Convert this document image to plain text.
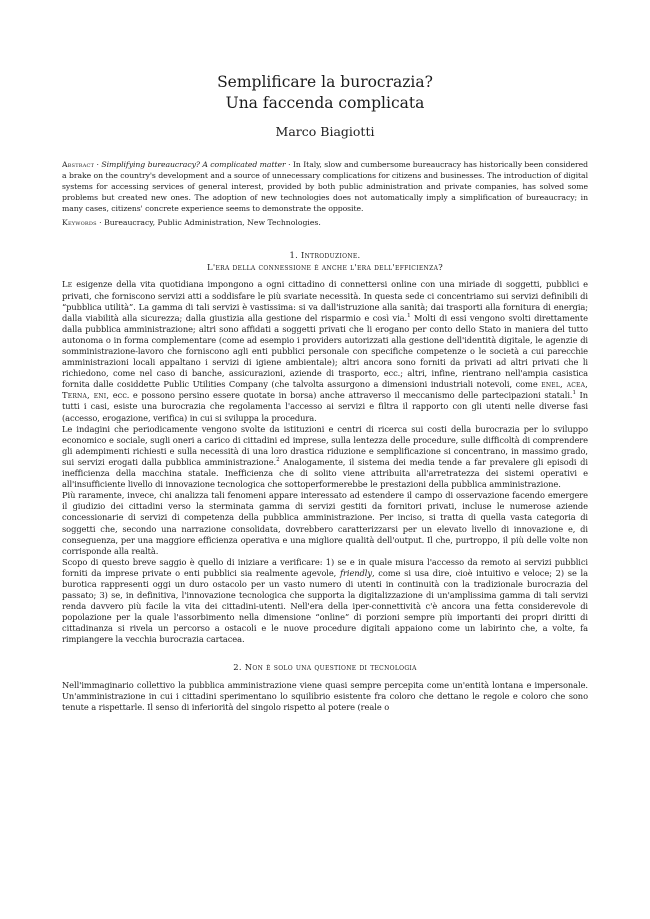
Semplificare la burocrazia?
Una faccenda complicata
Marco Biagiotti

Abstract · Simplifying bureaucracy? A complicated matter · In Italy, slow and cumbersome bureaucracy has historically been considered a brake on the country's development and a source of unnecessary complications for citizens and businesses. The introduction of digital systems for accessing services of general interest, provided by both public administration and private companies, has solved some problems but created new ones. The adoption of new technologies does not automatically imply a simplification of bureaucracy; in many cases, citizens' concrete experience seems to demonstrate the opposite.

Keywords · Bureaucracy, Public Administration, New Technologies.

1. Introduzione.
L'era della connessione è anche l'era dell'efficienza?

Le esigenze della vita quotidiana impongono a ogni cittadino di connettersi online con una miriade di soggetti, pubblici e privati, che forniscono servizi atti a soddisfare le più svariate necessità. In questa sede ci concentriamo sui servizi definibili di “pubblica utilità”. La gamma di tali servizi è vastissima: si va dall'istruzione alla sanità; dai trasporti alla fornitura di energia; dalla viabilità alla sicurezza; dalla giustizia alla gestione del risparmio e così via.$^1$ Molti di essi vengono svolti direttamente dalla pubblica amministrazione; altri sono affidati a soggetti privati che li erogano per conto dello Stato in maniera del tutto autonoma o in forma complementare (come ad esempio i providers autorizzati alla gestione dell'identità digitale, le agenzie di somministrazione-lavoro che forniscono agli enti pubblici personale con specifiche competenze o le società a cui parecchie amministrazioni locali appaltano i servizi di igiene ambientale); altri ancora sono forniti da privati ad altri privati che li richiedono, come nel caso di banche, assicurazioni, aziende di trasporto, ecc.; altri, infine, rientrano nell'ampia casistica fornita dalle cosiddette Public Utilities Company (che talvolta assurgono a dimensioni industriali notevoli, come enel, acea, Terna, eni, ecc. e possono persino essere quotate in borsa) anche attraverso il meccanismo delle partecipazioni statali.$^1$ In tutti i casi, esiste una burocrazia che regolamenta l'accesso ai servizi e filtra il rapporto con gli utenti nelle diverse fasi (accesso, erogazione, verifica) in cui si sviluppa la procedura.

Le indagini che periodicamente vengono svolte da istituzioni e centri di ricerca sui costi della burocrazia per lo sviluppo economico e sociale, sugli oneri a carico di cittadini ed imprese, sulla lentezza delle procedure, sulle difficoltà di comprendere gli adempimenti richiesti e sulla necessità di una loro drastica riduzione e semplificazione si concentrano, in massimo grado, sui servizi erogati dalla pubblica amministrazione.$^2$ Analogamente, il sistema dei media tende a far prevalere gli episodi di inefficienza della macchina statale. Inefficienza che di solito viene attribuita all'arretratezza dei sistemi operativi e all'insufficiente livello di innovazione tecnologica che sottoperformerebbe le prestazioni della pubblica amministrazione.

Più raramente, invece, chi analizza tali fenomeni appare interessato ad estendere il campo di osservazione facendo emergere il giudizio dei cittadini verso la sterminata gamma di servizi gestiti da fornitori privati, incluse le numerose aziende concessionarie di servizi di competenza della pubblica amministrazione. Per inciso, si tratta di quella vasta categoria di soggetti che, secondo una narrazione consolidata, dovrebbero caratterizzarsi per un elevato livello di innovazione e, di conseguenza, per una maggiore efficienza operativa e una migliore qualità dell'output. Il che, purtroppo, il più delle volte non corrisponde alla realtà.

Scopo di questo breve saggio è quello di iniziare a verificare: 1) se e in quale misura l'accesso da remoto ai servizi pubblici forniti da imprese private o enti pubblici sia realmente agevole, friendly, come si usa dire, cioè intuitivo e veloce; 2) se la burotica rappresenti oggi un duro ostacolo per un vasto numero di utenti in continuità con la tradizionale burocrazia del passato; 3) se, in definitiva, l'innovazione tecnologica che supporta la digitalizzazione di un'amplissima gamma di tali servizi renda davvero più facile la vita dei cittadini-utenti. Nell'era della iper-connettività c'è ancora una fetta considerevole di popolazione per la quale l'assorbimento nella dimensione “online” di porzioni sempre più importanti dei propri diritti di cittadinanza si rivela un percorso a ostacoli e le nuove procedure digitali appaiono come un labirinto che, a volte, fa rimpiangere la vecchia burocrazia cartacea.

2. Non è solo una questione di tecnologia

Nell'immaginario collettivo la pubblica amministrazione viene quasi sempre percepita come un'entità lontana e impersonale. Un'amministrazione in cui i cittadini sperimentano lo squilibrio esistente fra coloro che dettano le regole e coloro che sono tenute a rispettarle. Il senso di inferiorità del singolo rispetto al potere (reale o
